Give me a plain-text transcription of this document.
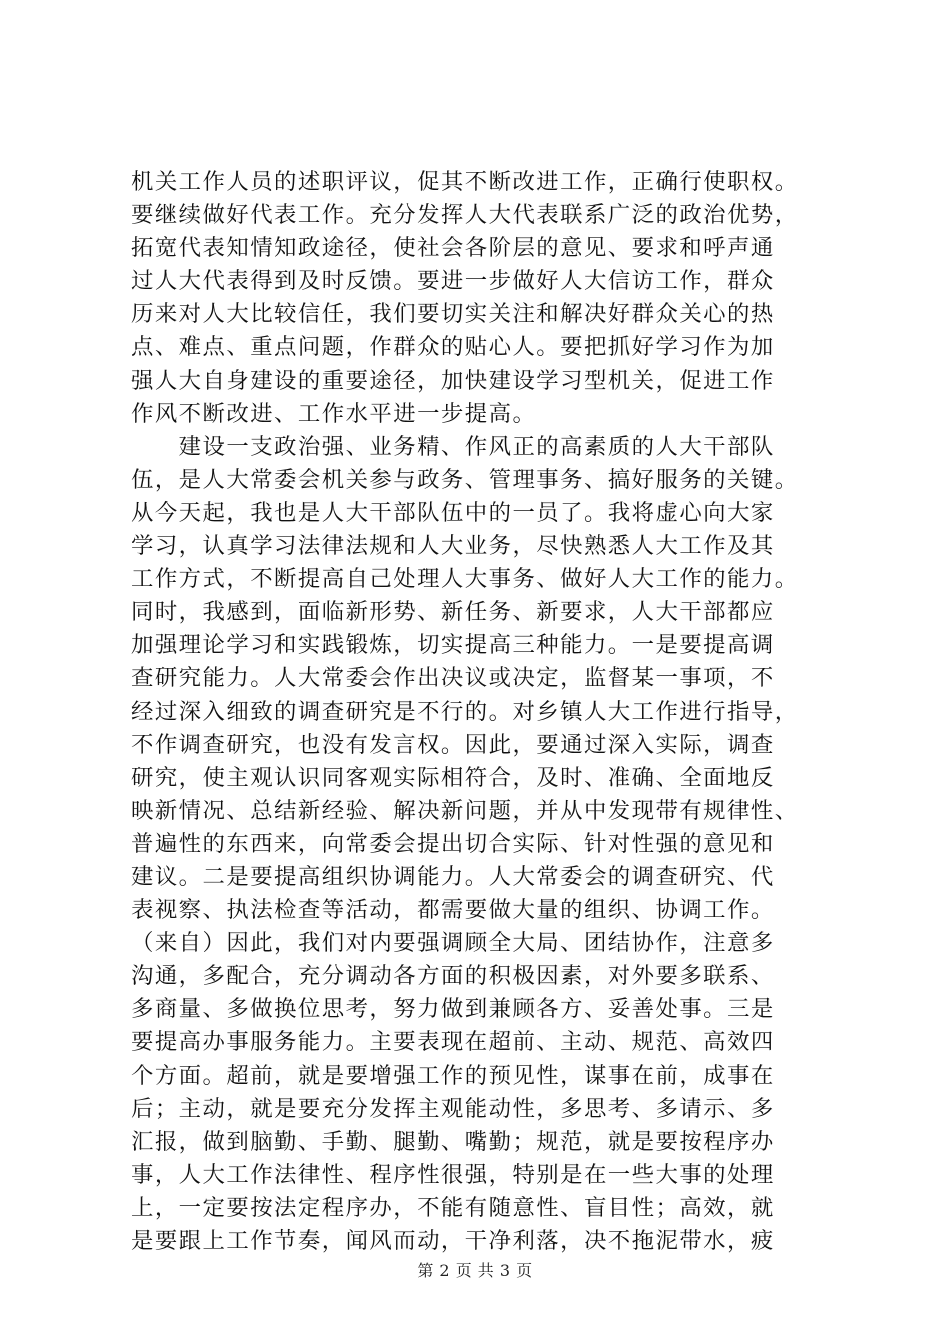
机关工作人员的述职评议，促其不断改进工作，正确行使职权。
要继续做好代表工作。充分发挥人大代表联系广泛的政治优势，
拓宽代表知情知政途径，使社会各阶层的意见、要求和呼声通
过人大代表得到及时反馈。要进一步做好人大信访工作，群众
历来对人大比较信任，我们要切实关注和解决好群众关心的热
点、难点、重点问题，作群众的贴心人。要把抓好学习作为加
强人大自身建设的重要途径，加快建设学习型机关，促进工作
作风不断改进、工作水平进一步提高。
　　建设一支政治强、业务精、作风正的高素质的人大干部队
伍，是人大常委会机关参与政务、管理事务、搞好服务的关键。
从今天起，我也是人大干部队伍中的一员了。我将虚心向大家
学习，认真学习法律法规和人大业务，尽快熟悉人大工作及其
工作方式，不断提高自己处理人大事务、做好人大工作的能力。
同时，我感到，面临新形势、新任务、新要求，人大干部都应
加强理论学习和实践锻炼，切实提高三种能力。一是要提高调
查研究能力。人大常委会作出决议或决定，监督某一事项，不
经过深入细致的调查研究是不行的。对乡镇人大工作进行指导，
不作调查研究，也没有发言权。因此，要通过深入实际，调查
研究，使主观认识同客观实际相符合，及时、准确、全面地反
映新情况、总结新经验、解决新问题，并从中发现带有规律性、
普遍性的东西来，向常委会提出切合实际、针对性强的意见和
建议。二是要提高组织协调能力。人大常委会的调查研究、代
表视察、执法检查等活动，都需要做大量的组织、协调工作。
（来自）因此，我们对内要强调顾全大局、团结协作，注意多
沟通，多配合，充分调动各方面的积极因素，对外要多联系、
多商量、多做换位思考，努力做到兼顾各方、妥善处事。三是
要提高办事服务能力。主要表现在超前、主动、规范、高效四
个方面。超前，就是要增强工作的预见性，谋事在前，成事在
后；主动，就是要充分发挥主观能动性，多思考、多请示、多
汇报，做到脑勤、手勤、腿勤、嘴勤；规范，就是要按程序办
事，人大工作法律性、程序性很强，特别是在一些大事的处理
上，一定要按法定程序办，不能有随意性、盲目性；高效，就
是要跟上工作节奏，闻风而动，干净利落，决不拖泥带水，疲
第 2 页 共 3 页
